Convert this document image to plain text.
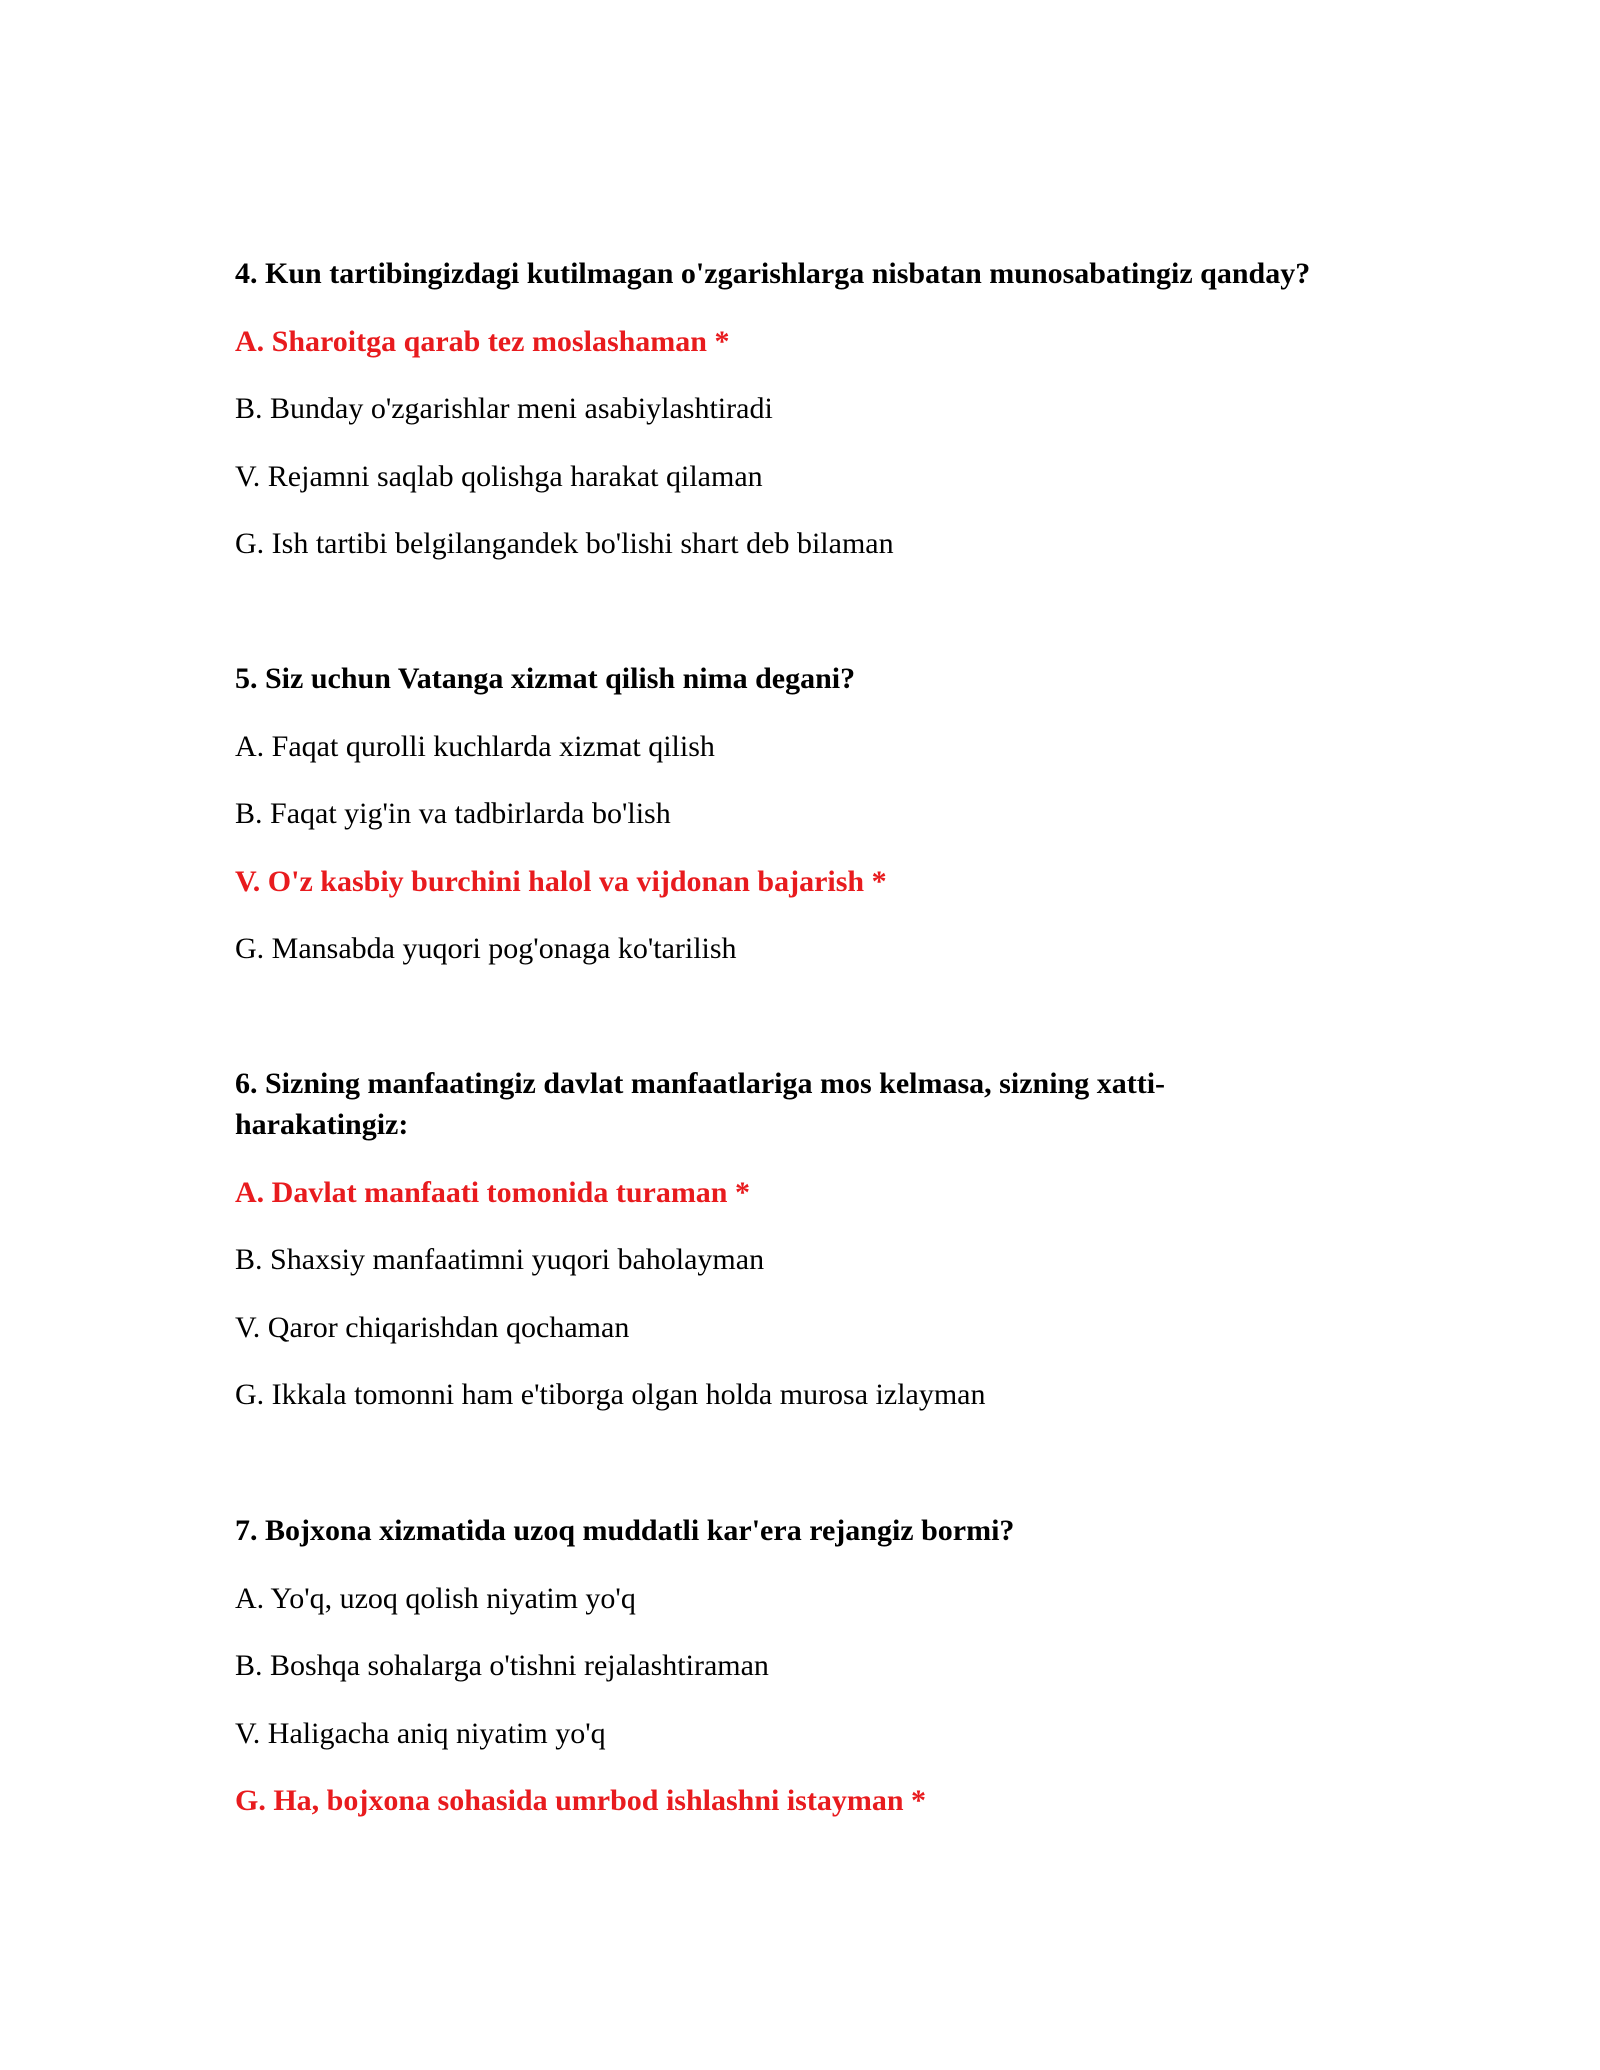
4. Kun tartibingizdagi kutilmagan o'zgarishlarga nisbatan munosabatingiz qanday?

A. Sharoitga qarab tez moslashaman *
B. Bunday o'zgarishlar meni asabiylashtiradi
V. Rejamni saqlab qolishga harakat qilaman
G. Ish tartibi belgilangandek bo'lishi shart deb bilaman

5. Siz uchun Vatanga xizmat qilish nima degani?

A. Faqat qurolli kuchlarda xizmat qilish
B. Faqat yig'in va tadbirlarda bo'lish
V. O'z kasbiy burchini halol va vijdonan bajarish *
G. Mansabda yuqori pog'onaga ko'tarilish

6. Sizning manfaatingiz davlat manfaatlariga mos kelmasa, sizning xatti-harakatingiz:

A. Davlat manfaati tomonida turaman *
B. Shaxsiy manfaatimni yuqori baholayman
V. Qaror chiqarishdan qochaman
G. Ikkala tomonni ham e'tiborga olgan holda murosa izlayman

7. Bojxona xizmatida uzoq muddatli kar'era rejangiz bormi?

A. Yo'q, uzoq qolish niyatim yo'q
B. Boshqa sohalarga o'tishni rejalashtiraman
V. Haligacha aniq niyatim yo'q
G. Ha, bojxona sohasida umrbod ishlashni istayman *
